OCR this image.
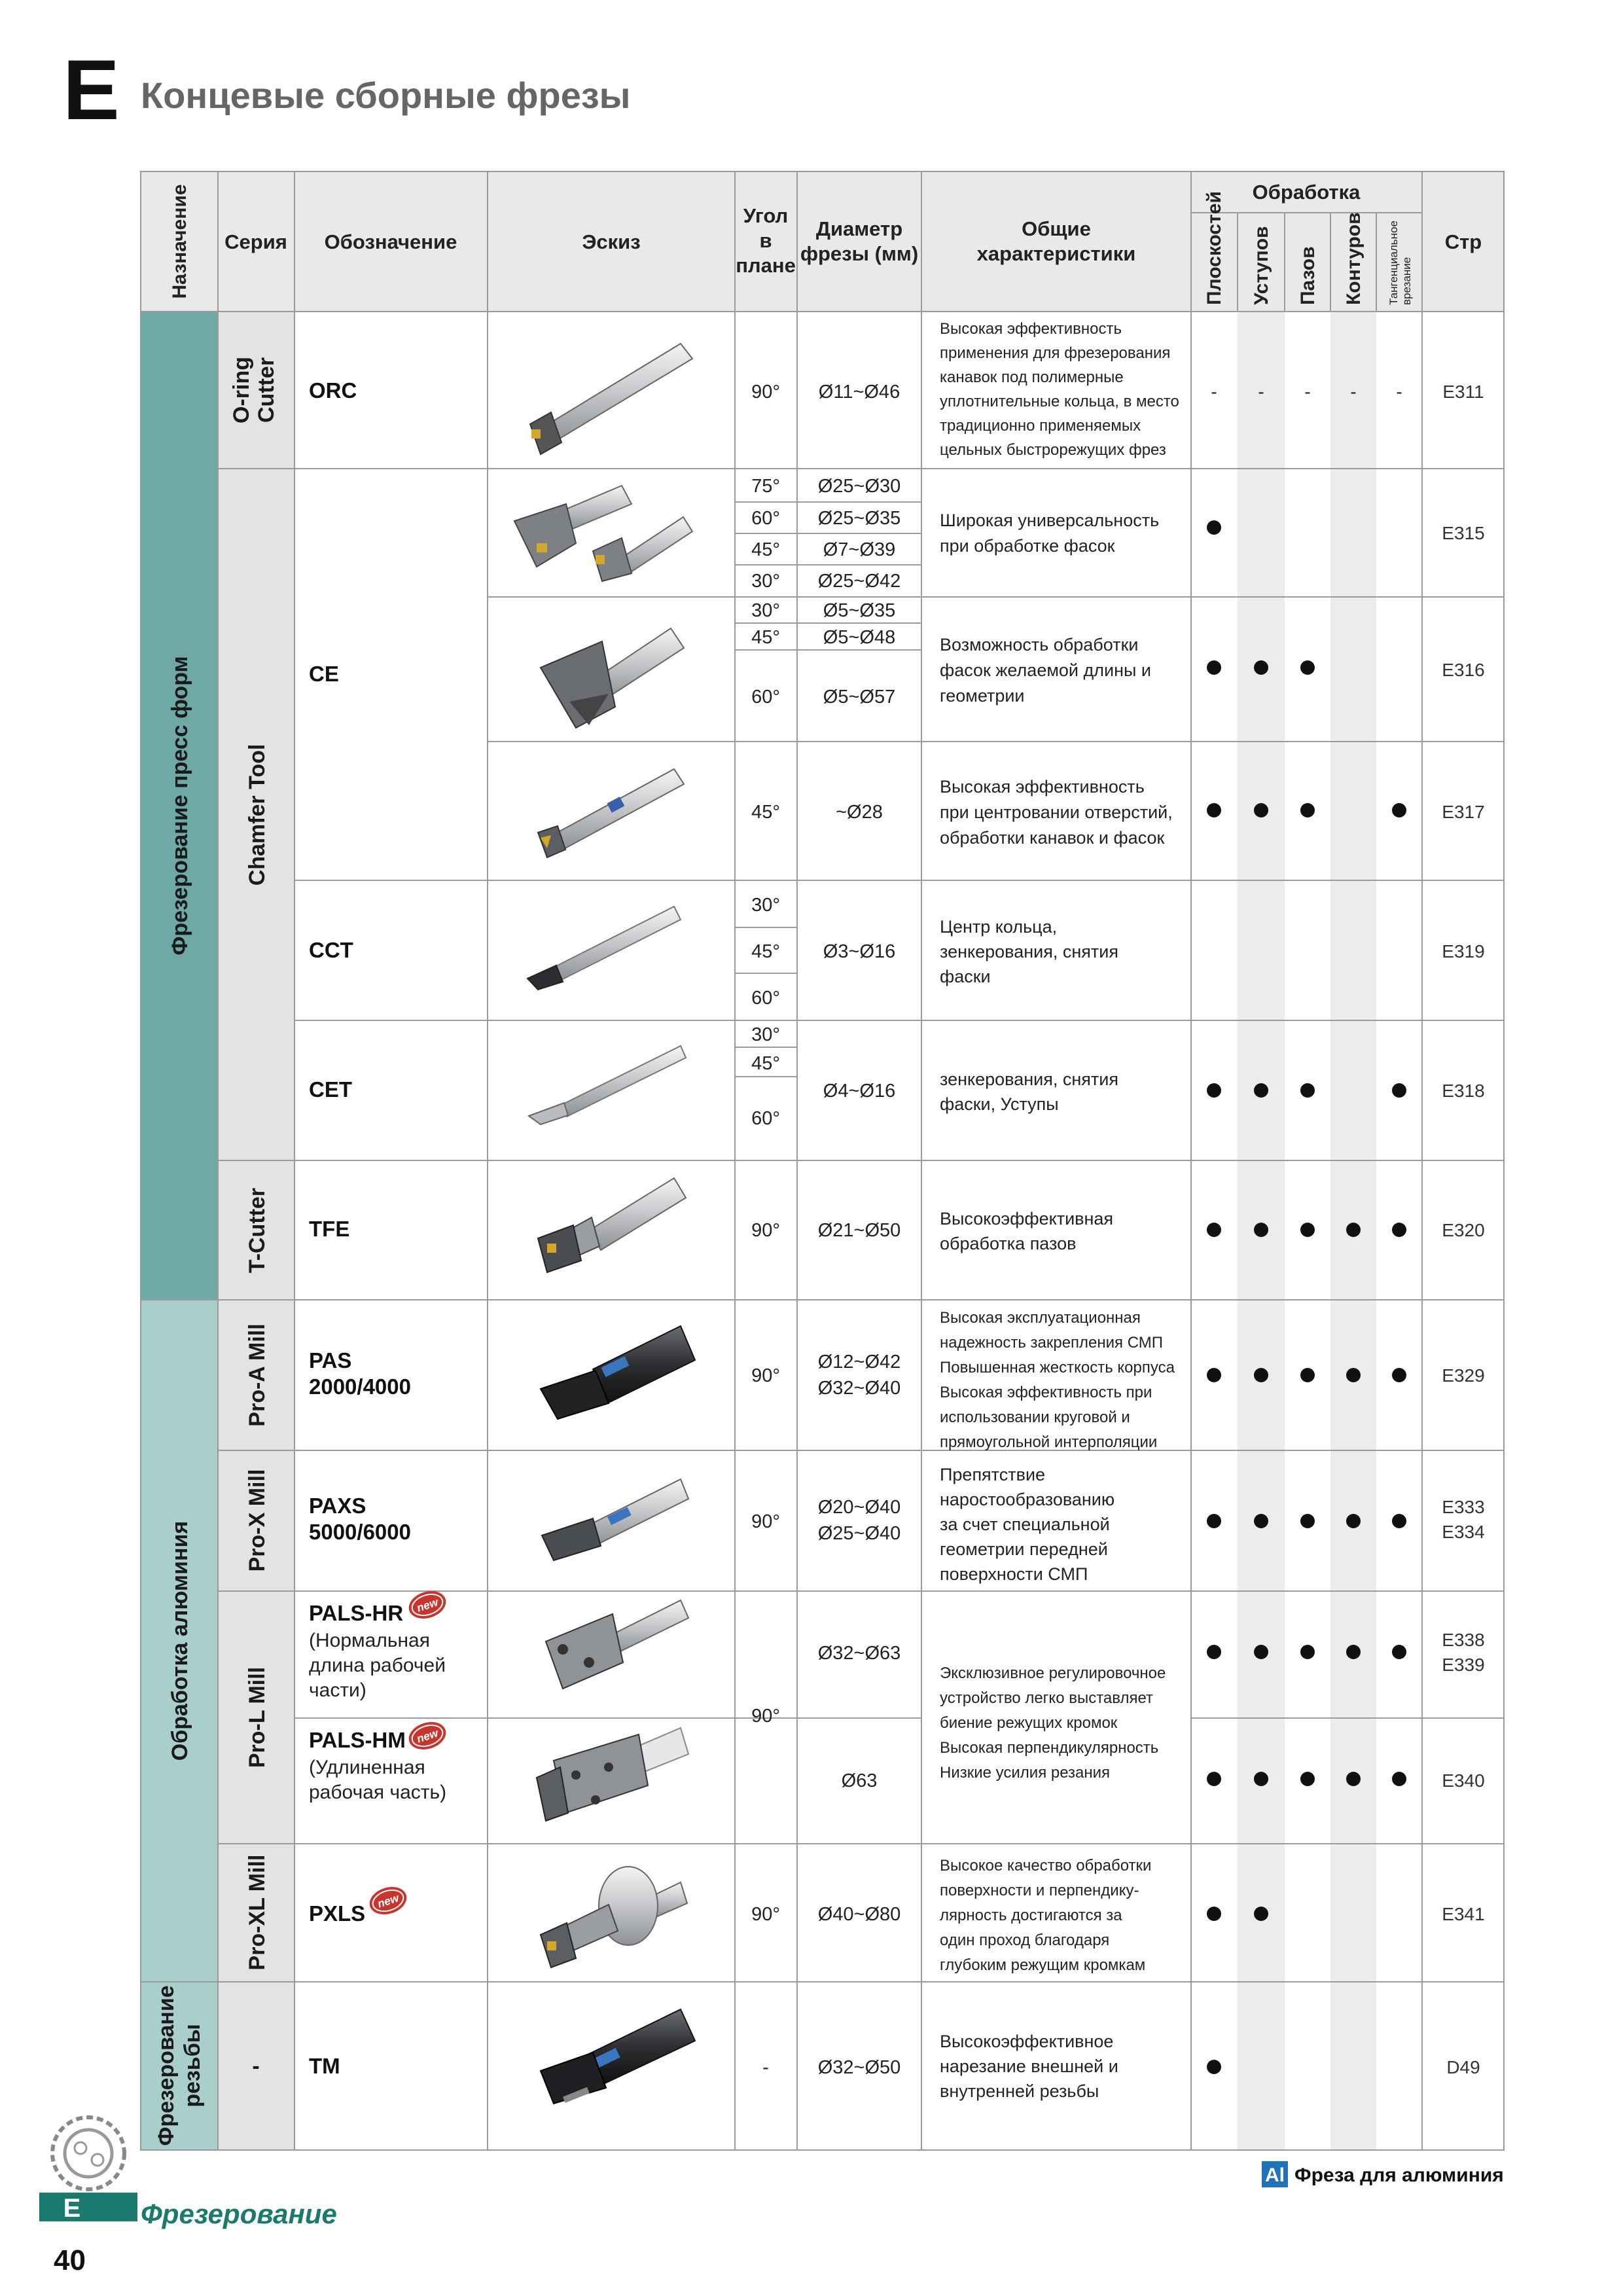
E Концевые сборные фрезы
Назначение Серия Обозначение	Эскиз
Угол
в
плане
Диаметр
фрезы (мм)
Общие
характеристики
Обработка
Плоскостей Уступов Пазов Контуров Тангенциальное врезание
Стр
Фрезерование пресс форм
Обработка алюминия
Фрезерование резьбы
O-ring Cutter
Chamfer Tool
T-Cutter
Pro-A Mill
Pro-X Mill
Pro-L Mill
Pro-XL Mill
-
ORC
CE
CCT
CET
TFE
PAS
2000/4000
PAXS
5000/6000
PALS-HR
(Нормальная
длина рабочей
части)
PALS-HM
(Удлиненная
рабочая часть)
PXLS
TM
new
new
new
90°
75°
60°
45°
30°
30°
45°
60°
45°
30°
45°
60°
30°
45°
60°
90°
90°
90°
90°
90°
-
Ø11~Ø46
Ø25~Ø30
Ø25~Ø35
Ø7~Ø39
Ø25~Ø42
Ø5~Ø35
Ø5~Ø48
Ø5~Ø57
~Ø28
Ø3~Ø16
Ø4~Ø16
Ø21~Ø50
Ø12~Ø42
Ø32~Ø40
Ø20~Ø40
Ø25~Ø40
Ø32~Ø63
Ø63
Ø40~Ø80
Ø32~Ø50
Высокая эффективность
применения для фрезерования
канавок под полимерные
уплотнительные кольца, в место
традиционно применяемых
цельных быстрорежущих фрез
Широкая универсальность
при обработке фасок
Возможность обработки
фасок желаемой длины и
геометрии
Высокая эффективность
при центровании отверстий,
обработки канавок и фасок
Центр кольца,
зенкерования, снятия
фаски
зенкерования, снятия
фаски, Уступы
Высокоэффективная
обработка пазов
Высокая эксплуатационная
надежность закрепления СМП
Повышенная жесткость корпуса
Высокая эффективность при
использовании круговой и
прямоугольной интерполяции
Препятствие
наростообразованию
за счет специальной
геометрии передней
поверхности СМП
Эксклюзивное регулировочное
устройство легко выставляет
биение режущих кромок
Высокая перпендикулярность
Низкие усилия резания
Высокое качество обработки
поверхности и перпендику-
лярность достигаются за
один проход благодаря
глубоким режущим кромкам
Высокоэффективное
нарезание внешней и
внутренней резьбы
- - - - - E311
E315
E316
E317
E319
E318
E320
E329
E333
E334
E338
E339
E340
E341
D49
Al Фреза для алюминия
E Фрезерование
40
